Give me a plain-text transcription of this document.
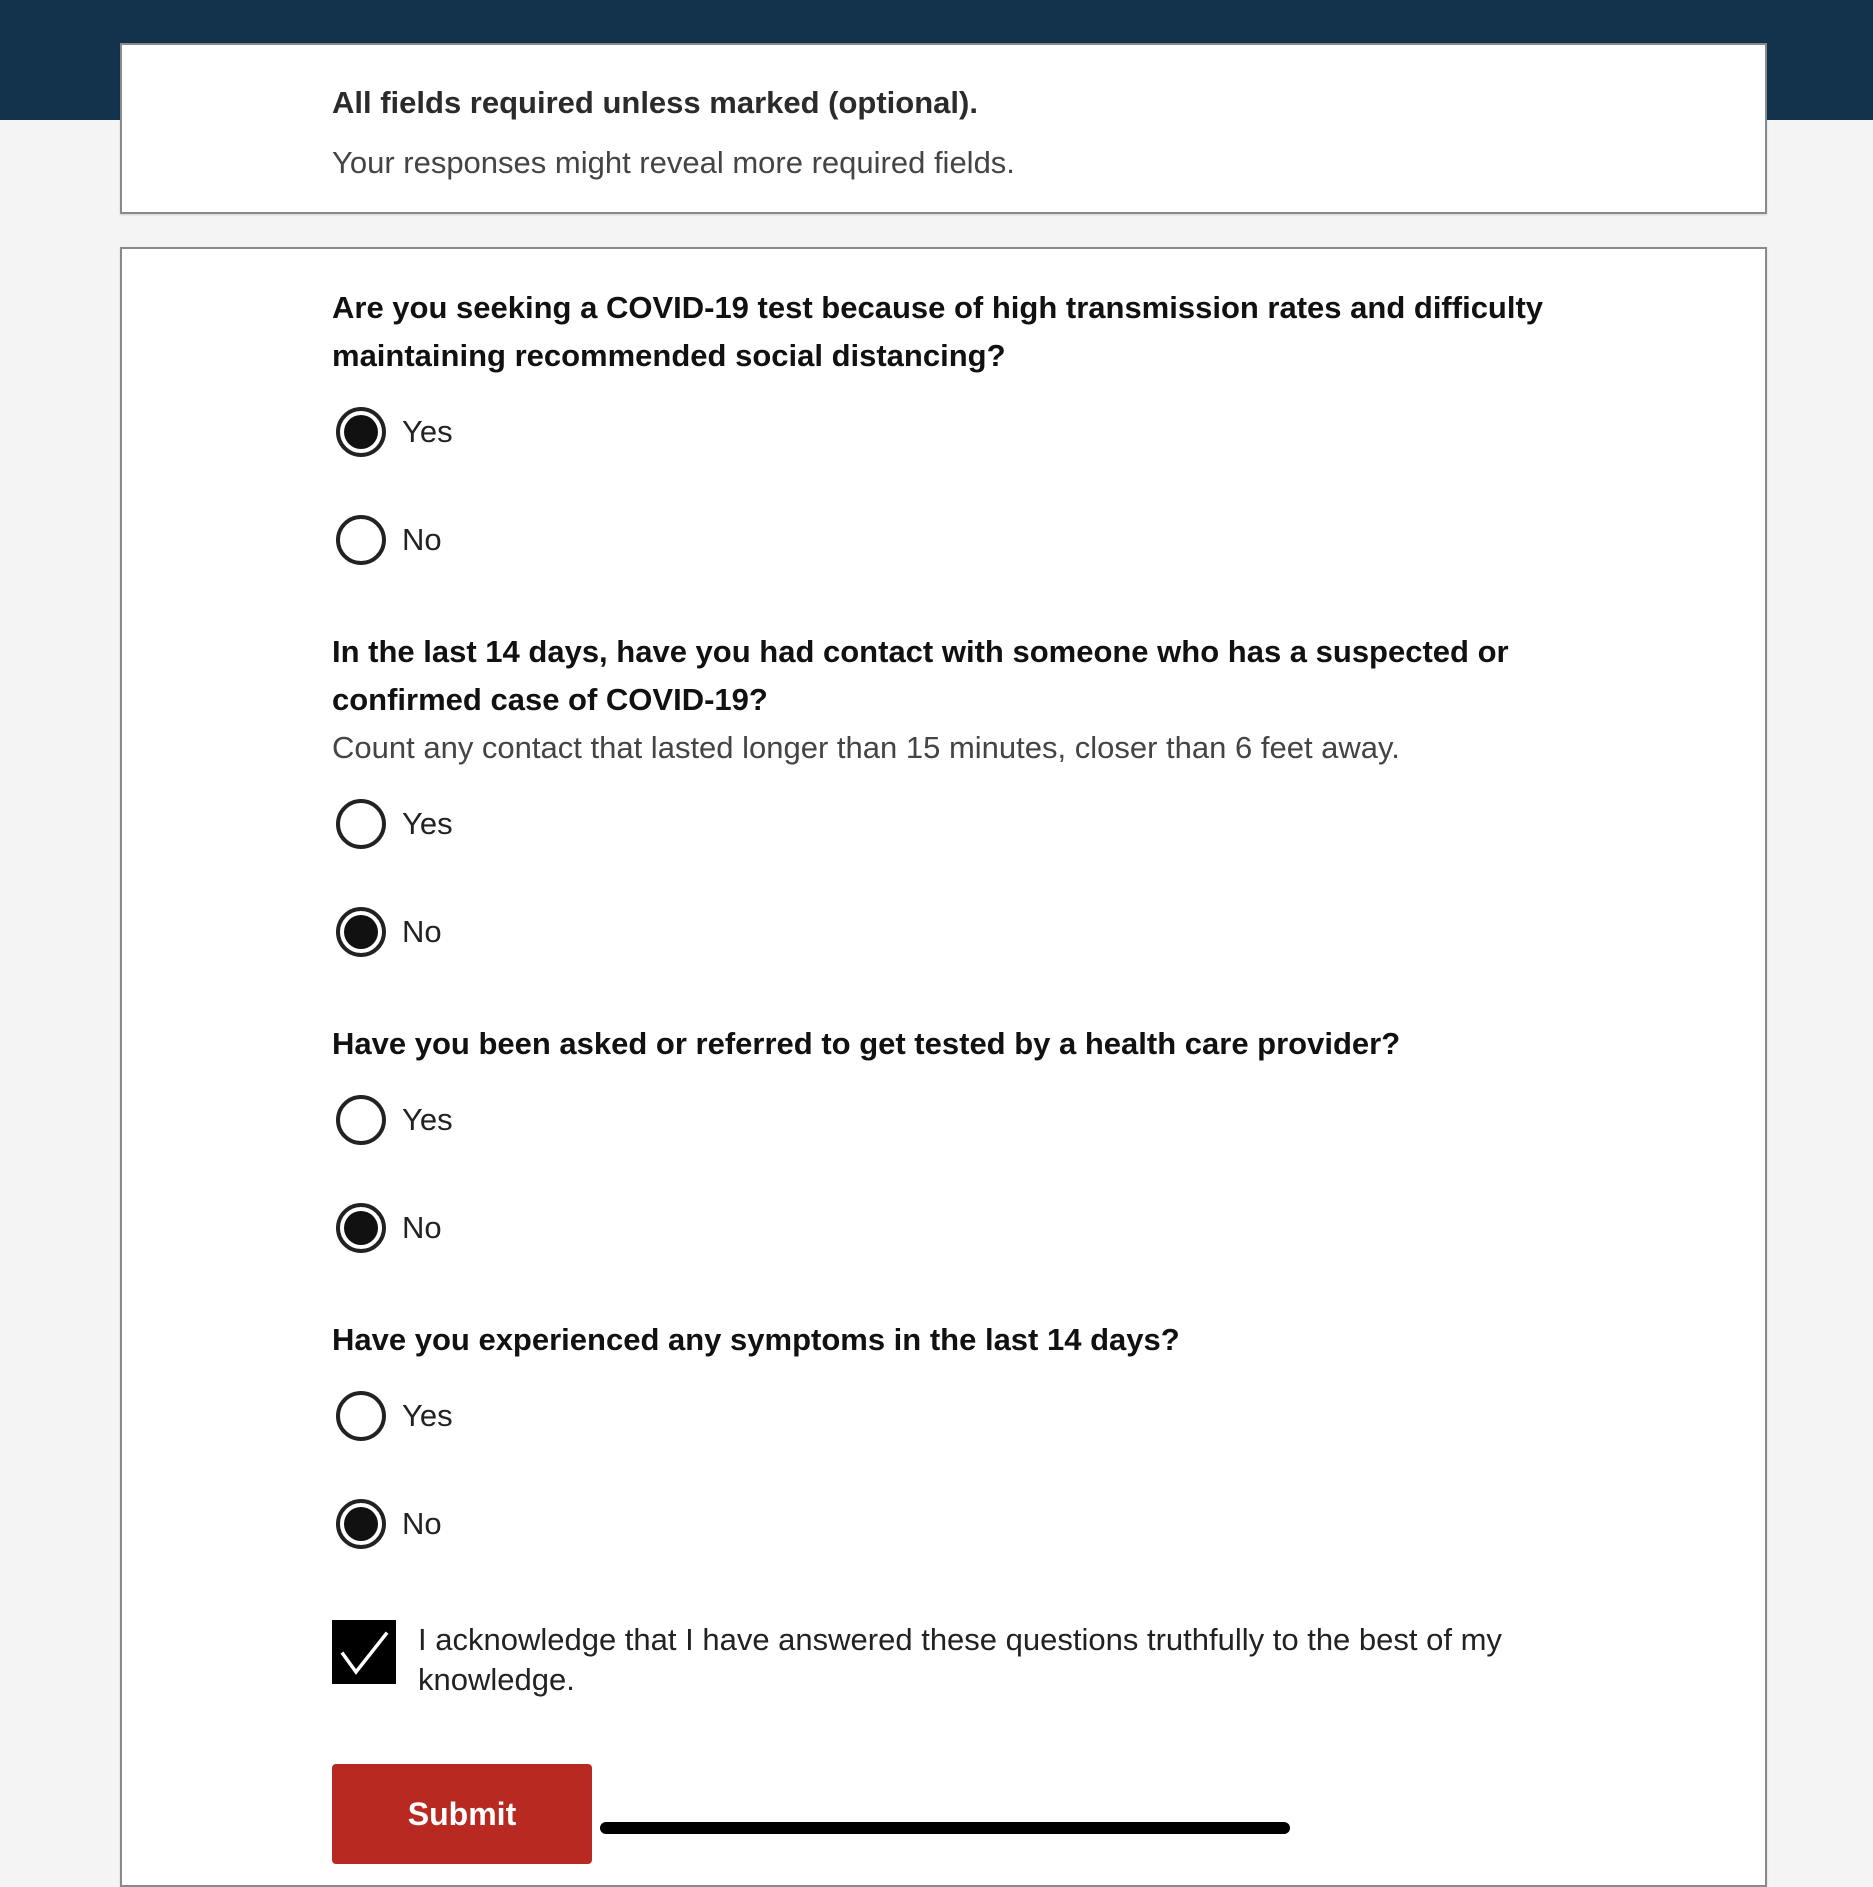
All fields required unless marked (optional).

Your responses might reveal more required fields.

Are you seeking a COVID-19 test because of high transmission rates and difficulty maintaining recommended social distancing?

Yes
No

In the last 14 days, have you had contact with someone who has a suspected or confirmed case of COVID-19?

Count any contact that lasted longer than 15 minutes, closer than 6 feet away.

Yes
No

Have you been asked or referred to get tested by a health care provider?

Yes
No

Have you experienced any symptoms in the last 14 days?

Yes
No
I acknowledge that I have answered these questions truthfully to the best of my knowledge.
Submit
